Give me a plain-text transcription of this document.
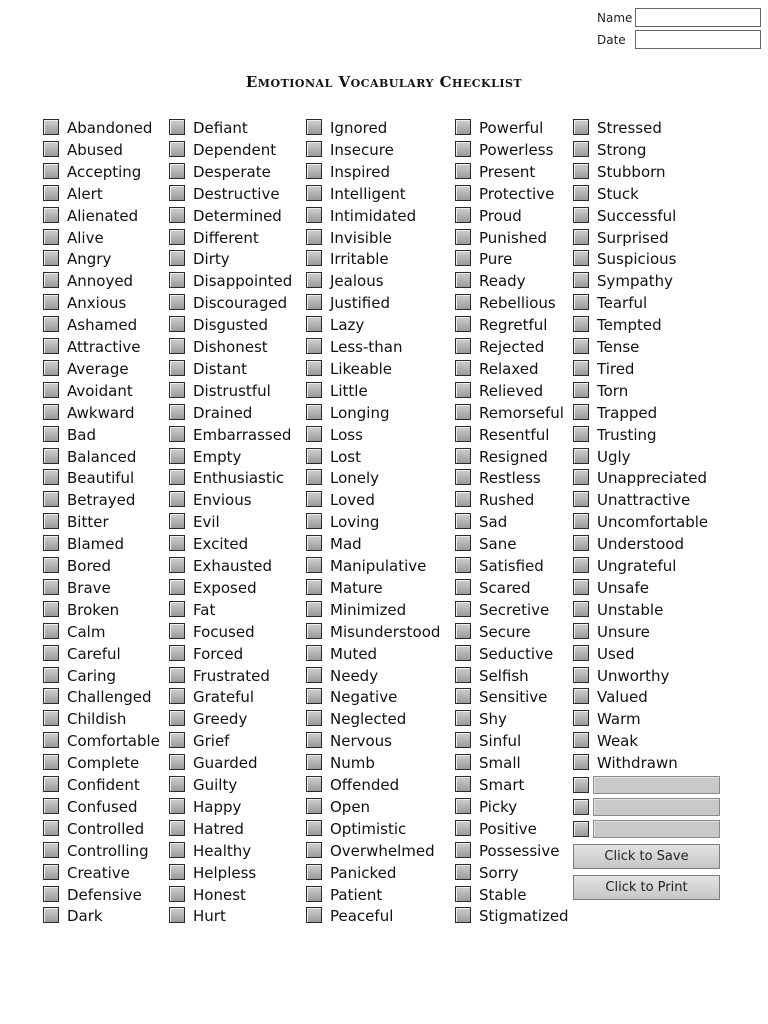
Name
Date
Emotional Vocabulary Checklist
Abandoned
Abused
Accepting
Alert
Alienated
Alive
Angry
Annoyed
Anxious
Ashamed
Attractive
Average
Avoidant
Awkward
Bad
Balanced
Beautiful
Betrayed
Bitter
Blamed
Bored
Brave
Broken
Calm
Careful
Caring
Challenged
Childish
Comfortable
Complete
Confident
Confused
Controlled
Controlling
Creative
Defensive
Dark
Defiant
Dependent
Desperate
Destructive
Determined
Different
Dirty
Disappointed
Discouraged
Disgusted
Dishonest
Distant
Distrustful
Drained
Embarrassed
Empty
Enthusiastic
Envious
Evil
Excited
Exhausted
Exposed
Fat
Focused
Forced
Frustrated
Grateful
Greedy
Grief
Guarded
Guilty
Happy
Hatred
Healthy
Helpless
Honest
Hurt
Ignored
Insecure
Inspired
Intelligent
Intimidated
Invisible
Irritable
Jealous
Justified
Lazy
Less-than
Likeable
Little
Longing
Loss
Lost
Lonely
Loved
Loving
Mad
Manipulative
Mature
Minimized
Misunderstood
Muted
Needy
Negative
Neglected
Nervous
Numb
Offended
Open
Optimistic
Overwhelmed
Panicked
Patient
Peaceful
Powerful
Powerless
Present
Protective
Proud
Punished
Pure
Ready
Rebellious
Regretful
Rejected
Relaxed
Relieved
Remorseful
Resentful
Resigned
Restless
Rushed
Sad
Sane
Satisfied
Scared
Secretive
Secure
Seductive
Selfish
Sensitive
Shy
Sinful
Small
Smart
Picky
Positive
Possessive
Sorry
Stable
Stigmatized
Stressed
Strong
Stubborn
Stuck
Successful
Surprised
Suspicious
Sympathy
Tearful
Tempted
Tense
Tired
Torn
Trapped
Trusting
Ugly
Unappreciated
Unattractive
Uncomfortable
Understood
Ungrateful
Unsafe
Unstable
Unsure
Used
Unworthy
Valued
Warm
Weak
Withdrawn
Click to Save
Click to Print
